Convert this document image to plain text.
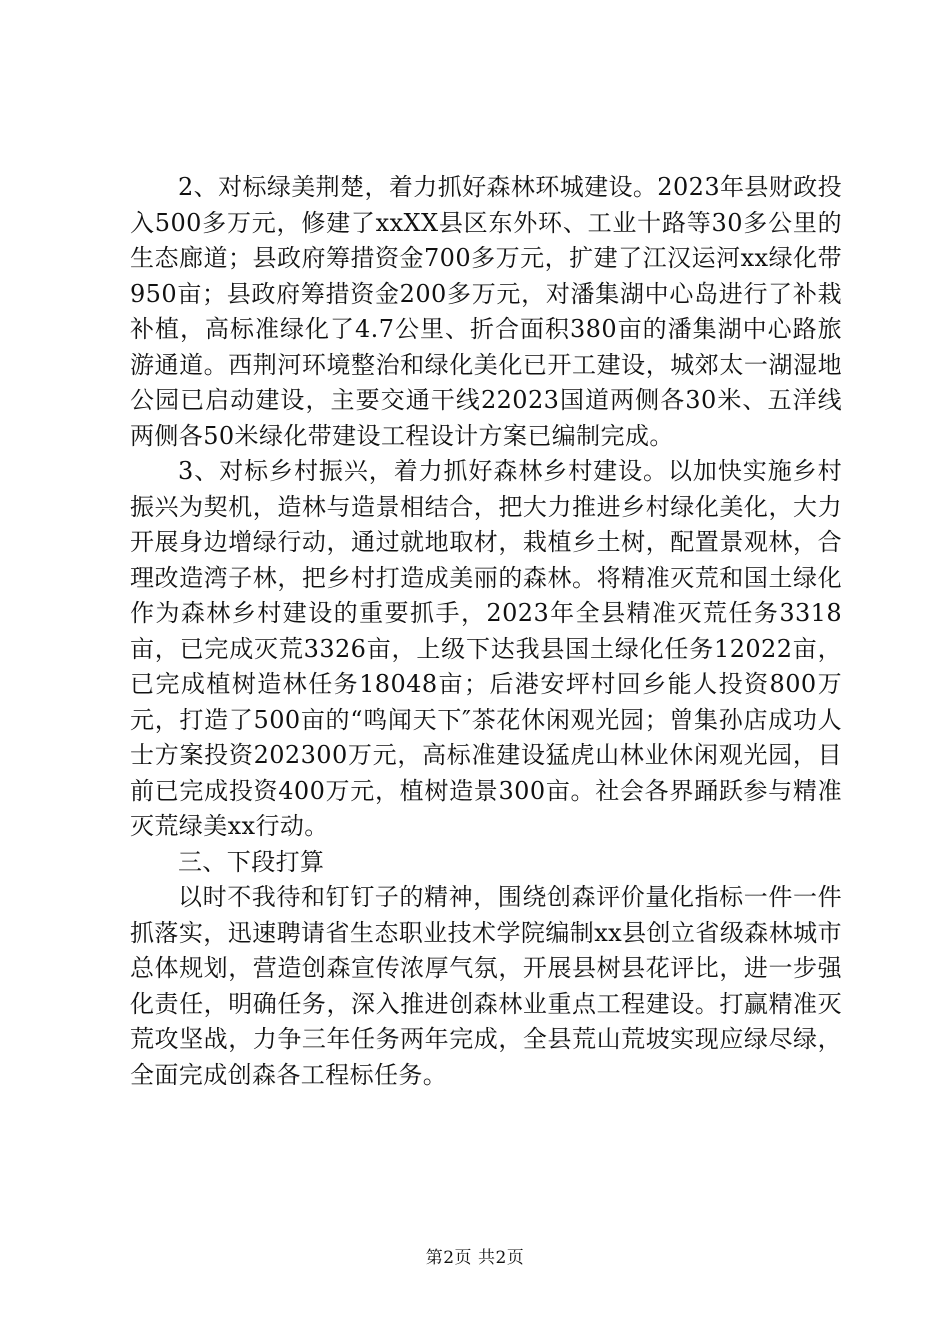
2、对标绿美荆楚，着力抓好森林环城建设。2023年县财政投入500多万元，修建了xxXX县区东外环、工业十路等30多公里的生态廊道；县政府筹措资金700多万元，扩建了江汉运河xx绿化带950亩；县政府筹措资金200多万元，对潘集湖中心岛进行了补栽补植，高标准绿化了4.7公里、折合面积380亩的潘集湖中心路旅游通道。西荆河环境整治和绿化美化已开工建设，城郊太一湖湿地公园已启动建设，主要交通干线22023国道两侧各30米、五洋线两侧各50米绿化带建设工程设计方案已编制完成。

3、对标乡村振兴，着力抓好森林乡村建设。以加快实施乡村振兴为契机，造林与造景相结合，把大力推进乡村绿化美化，大力开展身边增绿行动，通过就地取材，栽植乡土树，配置景观林，合理改造湾子林，把乡村打造成美丽的森林。将精准灭荒和国土绿化作为森林乡村建设的重要抓手，2023年全县精准灭荒任务3318亩，已完成灭荒3326亩，上级下达我县国土绿化任务12022亩，已完成植树造林任务18048亩；后港安坪村回乡能人投资800万元，打造了500亩的“鸣闻天下″茶花休闲观光园；曾集孙店成功人士方案投资202300万元，高标准建设猛虎山林业休闲观光园，目前已完成投资400万元，植树造景300亩。社会各界踊跃参与精准灭荒绿美xx行动。

三、下段打算

以时不我待和钉钉子的精神，围绕创森评价量化指标一件一件抓落实，迅速聘请省生态职业技术学院编制xx县创立省级森林城市总体规划，营造创森宣传浓厚气氛，开展县树县花评比，进一步强化责任，明确任务，深入推进创森林业重点工程建设。打赢精准灭荒攻坚战，力争三年任务两年完成，全县荒山荒坡实现应绿尽绿，全面完成创森各工程标任务。

第2页 共2页
